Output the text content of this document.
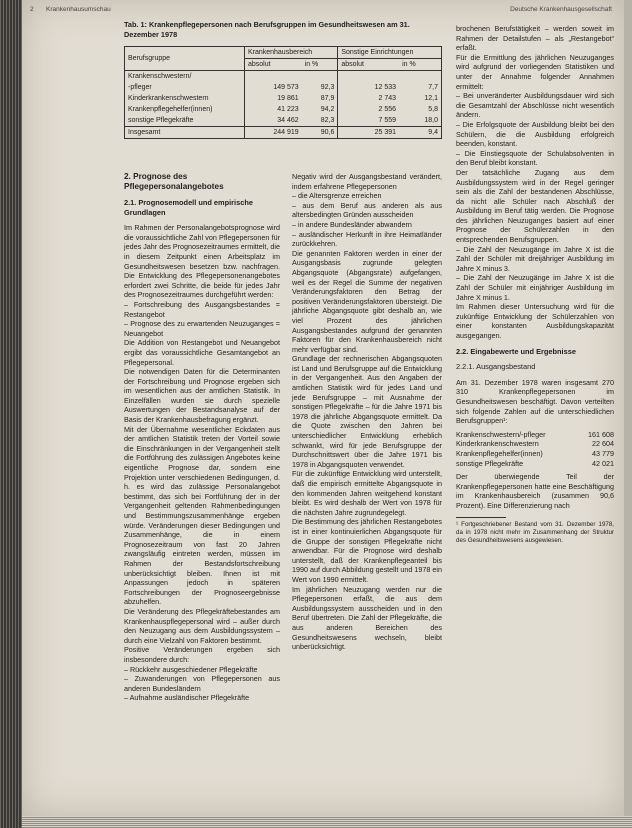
2 Krankenhausumschau	Deutsche Krankenhausgesellschaft
Tab. 1: Krankenpflegepersonen nach Berufsgruppen im Gesundheitswesen am 31. Dezember 1978
Berufsgruppe	Krankenhausbereich		Sonstige Einrichtungen	
	absolut	in %	absolut	in %
Krankenschwestern/				
-pfleger	149 573	92,3	12 533	7,7
Kinderkrankenschwestern	19 861	87,9	2 743	12,1
Krankenpflegehelfer(innen)	41 223	94,2	2 556	5,8
sonstige Pflegekräfte	34 462	82,3	7 559	18,0
Insgesamt	244 919	90,6	25 391	9,4
2. Prognose des Pflegepersonalangebotes
2.1. Prognosemodell und empirische Grundlagen

Im Rahmen der Personalangebotsprognose wird die voraussichtliche Zahl von Pflegepersonen für jedes Jahr des Prognosezeitraumes ermittelt, die in diesem Zeitpunkt einen Arbeitsplatz im Gesundheitswesen besetzen bzw. nachfragen. Die Entwicklung des Pflegepersonenangebotes erfordert zwei Schritte, die beide für jedes Jahr des Prognosezeitraumes durchgeführt werden:

– Fortschreibung des Ausgangsbestandes = Restangebot

– Prognose des zu erwartenden Neuzuganges = Neuangebot

Die Addition von Restangebot und Neuangebot ergibt das voraussichtliche Gesamtangebot an Pflegepersonal.

Die notwendigen Daten für die Determinanten der Fortschreibung und Prognose ergeben sich im wesentlichen aus der amtlichen Statistik. In Einzelfällen wurden sie durch spezielle Auswertungen der Bestandsanalyse auf der Basis der Krankenhausbefragung ergänzt.

Mit der Übernahme wesentlicher Eckdaten aus der amtlichen Statistik treten der Vorteil sowie die Einschränkungen in der Vergangenheit stellt die Fortführung des zulässigen Angebotes keine eigentliche Prognose dar, sondern eine Projektion unter verschiedenen Bedingungen, d. h. es wird das zulässige Personalangebot bestimmt, das sich bei Fortführung der in der Vergangenheit geltenden Rahmenbedingungen und Bestimmungszusammenhänge ergeben würde. Veränderungen dieser Bedingungen und Zusammenhänge, die in einem Prognosezeitraum von fast 20 Jahren zwangsläufig eintreten werden, müssen im Rahmen der Bestandsfortschreibung unberücksichtigt bleiben. Ihnen ist mit Anpassungen jedoch in späteren Fortschreibungen der Prognoseergebnisse abzuhelfen.

Die Veränderung des Pflegekräftebestandes am Krankenhauspflegepersonal wird – außer durch den Neuzugang aus dem Ausbildungssystem – durch eine Vielzahl von Faktoren bestimmt.

Positive Veränderungen ergeben sich insbesondere durch:

– Rückkehr ausgeschiedener Pflegekräfte

– Zuwanderungen von Pflegepersonen aus anderen Bundesländern

– Aufnahme ausländischer Pflegekräfte

Negativ wird der Ausgangsbestand verändert, indem erfahrene Pflegepersonen

– die Altersgrenze erreichen

– aus dem Beruf aus anderen als aus altersbedingten Gründen ausscheiden

– in andere Bundesländer abwandern

– ausländischer Herkunft in ihre Heimatländer zurückkehren.

Die genannten Faktoren werden in einer der Ausgangsbasis zugrunde gelegten Abgangsquote (Abgangsrate) aufgefangen, weil es der Regel die Summe der negativen Veränderungsfaktoren den Betrag der positiven Veränderungsfaktoren übersteigt. Die jährliche Abgangsquote gibt deshalb an, wie viel Prozent des jährlichen Ausgangsbestandes aufgrund der genannten Faktoren für den Krankenhausbereich nicht mehr verfügbar sind.

Grundlage der rechnerischen Abgangsquoten ist Land und Berufsgruppe auf die Entwicklung in der Vergangenheit. Aus den Angaben der amtlichen Statistik wird für jedes Land und jede Berufsgruppe – mit Ausnahme der sonstigen Pflegekräfte – für die Jahre 1971 bis 1978 die jährliche Abgangsquote ermittelt. Da die Quote zwischen den Jahren bei unterschiedlicher Entwicklung erheblich schwankt, wird für jede Berufsgruppe der Durchschnittswert über die Jahre 1971 bis 1978 in Abgangsquoten verwendet.

Für die zukünftige Entwicklung wird unterstellt, daß die empirisch ermittelte Abgangsquote in den kommenden Jahren weitgehend konstant bleibt. Es wird deshalb der Wert von 1978 für die nächsten Jahre zugrundegelegt.

Die Bestimmung des jährlichen Restangebotes ist in einer kontinuierlichen Abgangsquote für die Gruppe der sonstigen Pflegekräfte nicht anwendbar. Für die Prognose wird deshalb unterstellt, daß der Krankenpflegeanteil bis 1990 auf durch Abbildung gestellt und 1978 ein Wert von 1990 ermittelt.

Im jährlichen Neuzugang werden nur die Pflegepersonen erfaßt, die aus dem Ausbildungssystem ausscheiden und in den Beruf übertreten. Die Zahl der Pflegekräfte, die aus anderen Bereichen des Gesundheitswesens wechseln, bleibt unberücksichtigt.

brochenen Berufstätigkeit – werden soweit im Rahmen der Detailstufen – als „Restangebot“ erfaßt.

Für die Ermittlung des jährlichen Neuzuganges wird aufgrund der vorliegenden Statistiken und unter der Annahme folgender Annahmen ermittelt:

– Bei unveränderter Ausbildungsdauer wird sich die Gesamtzahl der Abschlüsse nicht wesentlich ändern.

– Die Erfolgsquote der Ausbildung bleibt bei den Schülern, die die Ausbildung erfolgreich beenden, konstant.

– Die Einstiegsquote der Schulabsolventen in den Beruf bleibt konstant.

Der tatsächliche Zugang aus dem Ausbildungssystem wird in der Regel geringer sein als die Zahl der bestandenen Abschlüsse, da nicht alle Schüler nach Abschluß der Ausbildung im Beruf tätig werden. Die Prognose des jährlichen Neuzuganges basiert auf einer Prognose der Schülerzahlen in den entsprechenden Berufsgruppen.

– Die Zahl der Neuzugänge im Jahre X ist die Zahl der Schüler mit dreijähriger Ausbildung im Jahre X minus 3.

– Die Zahl der Neuzugänge im Jahre X ist die Zahl der Schüler mit einjähriger Ausbildung im Jahre X minus 1.

Im Rahmen dieser Untersuchung wird für die zukünftige Entwicklung der Schülerzahlen von einer konstanten Ausbildungskapazität ausgegangen.

2.2. Eingabewerte und Ergebnisse
2.2.1. Ausgangsbestand

Am 31. Dezember 1978 waren insgesamt 270 310 Krankenpflegepersonen im Gesundheitswesen beschäftigt. Davon verteilten sich folgende Zahlen auf die unterschiedlichen Berufsgruppen¹:

Krankenschwestern/-pfleger	161 608
Kinderkrankenschwestern	22 604
Krankenpflegehelfer(innen)	43 779
sonstige Pflegekräfte	42 021

Der überwiegende Teil der Krankenpflegepersonen hatte eine Beschäftigung im Krankenhausbereich (zusammen 90,6 Prozent). Eine Differenzierung nach

¹ Fortgeschriebener Bestand vom 31. Dezember 1978, da in 1978 nicht mehr im Zusammenhang der Struktur des Gesundheitswesens ausgewiesen.
